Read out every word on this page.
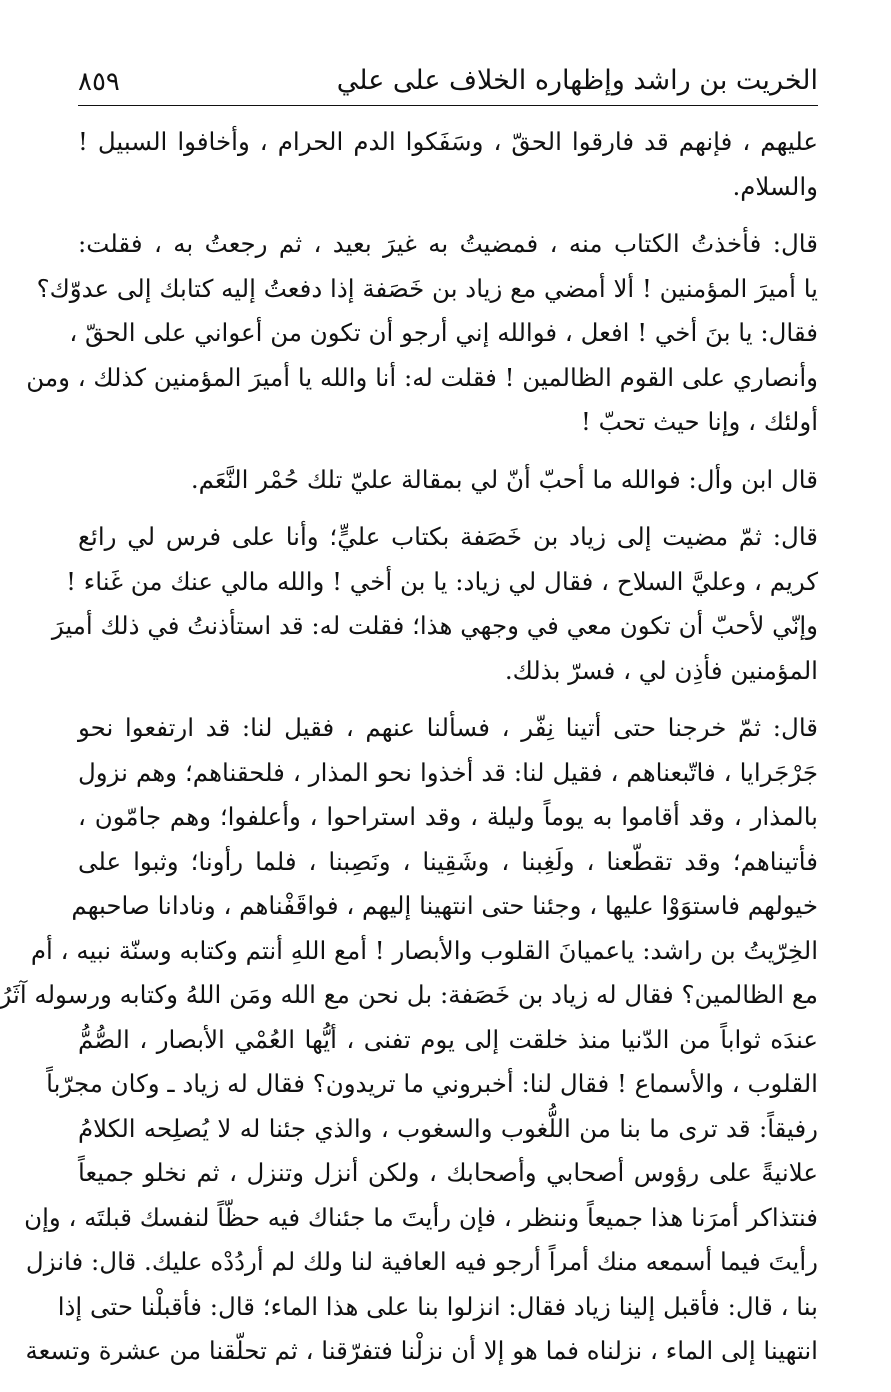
الخريت بن راشد وإظهاره الخلاف على علي
٨٥٩
عليهم ، فإنهم قد فارقوا الحقّ ، وسَفَكوا الدم الحرام ، وأخافوا السبيل !
والسلام.
قال: فأخذتُ الكتاب منه ، فمضيتُ به غيرَ بعيد ، ثم رجعتُ به ، فقلت:
يا أميرَ المؤمنين ! ألا أمضي مع زياد بن خَصَفة إذا دفعتُ إليه كتابك إلى عدوّك؟
فقال: يا بنَ أخي ! افعل ، فوالله إني أرجو أن تكون من أعواني على الحقّ ،
وأنصاري على القوم الظالمين ! فقلت له: أنا والله يا أميرَ المؤمنين كذلك ، ومن
أولئك ، وإنا حيث تحبّ !
قال ابن وأل: فوالله ما أحبّ أنّ لي بمقالة عليّ تلك حُمْر النَّعَم.
قال: ثمّ مضيت إلى زياد بن خَصَفة بكتاب عليٍّ؛ وأنا على فرس لي رائع
كريم ، وعليَّ السلاح ، فقال لي زياد: يا بن أخي ! والله مالي عنك من غَناء !
وإنّي لأحبّ أن تكون معي في وجهي هذا؛ فقلت له: قد استأذنتُ في ذلك أميرَ
المؤمنين فأذِن لي ، فسرّ بذلك.
قال: ثمّ خرجنا حتى أتينا نِفّر ، فسألنا عنهم ، فقيل لنا: قد ارتفعوا نحو
جَرْجَرايا ، فاتّبعناهم ، فقيل لنا: قد أخذوا نحو المذار ، فلحقناهم؛ وهم نزول
بالمذار ، وقد أقاموا به يوماً وليلة ، وقد استراحوا ، وأعلفوا؛ وهم جامّون ،
فأتيناهم؛ وقد تقطّعنا ، ولَغِبنا ، وشَقِينا ، ونَصِبنا ، فلما رأونا؛ وثبوا على
خيولهم فاستوَوْا عليها ، وجئنا حتى انتهينا إليهم ، فواقَفْناهم ، ونادانا صاحبهم
الخِرّيتُ بن راشد: ياعميانَ القلوب والأبصار ! أمع اللهِ أنتم وكتابه وسنّة نبيه ، أم
مع الظالمين؟ فقال له زياد بن خَصَفة: بل نحن مع الله ومَن اللهُ وكتابه ورسوله آثَرُ
عندَه ثواباً من الدّنيا منذ خلقت إلى يوم تفنى ، أيُّها العُمْي الأبصار ، الصُّمُّ
القلوب ، والأسماع ! فقال لنا: أخبروني ما تريدون؟ فقال له زياد ـ وكان مجرّباً
رفيقاً: قد ترى ما بنا من اللُّغوب والسغوب ، والذي جئنا له لا يُصلِحه الكلامُ
علانيةً على رؤوس أصحابي وأصحابك ، ولكن أنزل وتنزل ، ثم نخلو جميعاً
فنتذاكر أمرَنا هذا جميعاً وننظر ، فإن رأيتَ ما جئناك فيه حظّاً لنفسك قبلتَه ، وإن
رأيتَ فيما أسمعه منك أمراً أرجو فيه العافية لنا ولك لم أردُدْه عليك. قال: فانزل
بنا ، قال: فأقبل إلينا زياد فقال: انزلوا بنا على هذا الماء؛ قال: فأقبلْنا حتى إذا
انتهينا إلى الماء ، نزلناه فما هو إلا أن نزلْنا فتفرّقنا ، ثم تحلّقنا من عشرة وتسعة
